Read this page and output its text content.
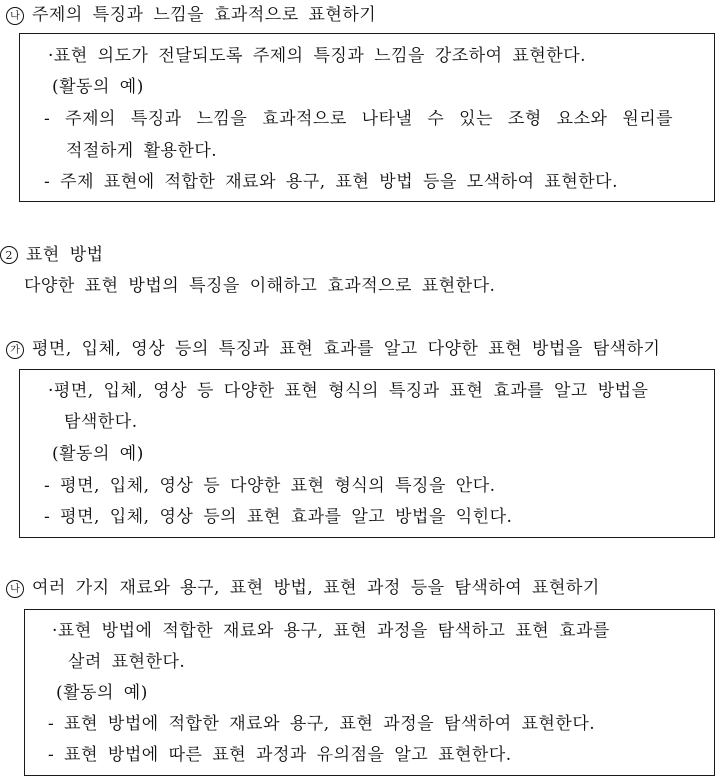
나 주제의 특징과 느낌을 효과적으로 표현하기
·표현 의도가 전달되도록 주제의 특징과 느낌을 강조하여 표현한다.
(활동의 예)
- 주제의 특징과 느낌을 효과적으로 나타낼 수 있는 조형 요소와 원리를
적절하게 활용한다.
- 주제 표현에 적합한 재료와 용구, 표현 방법 등을 모색하여 표현한다.
2 표현 방법
다양한 표현 방법의 특징을 이해하고 효과적으로 표현한다.
가 평면, 입체, 영상 등의 특징과 표현 효과를 알고 다양한 표현 방법을 탐색하기
·평면, 입체, 영상 등 다양한 표현 형식의 특징과 표현 효과를 알고 방법을
탐색한다.
(활동의 예)
- 평면, 입체, 영상 등 다양한 표현 형식의 특징을 안다.
- 평면, 입체, 영상 등의 표현 효과를 알고 방법을 익힌다.
나 여러 가지 재료와 용구, 표현 방법, 표현 과정 등을 탐색하여 표현하기
·표현 방법에 적합한 재료와 용구, 표현 과정을 탐색하고 표현 효과를
살려 표현한다.
(활동의 예)
- 표현 방법에 적합한 재료와 용구, 표현 과정을 탐색하여 표현한다.
- 표현 방법에 따른 표현 과정과 유의점을 알고 표현한다.
